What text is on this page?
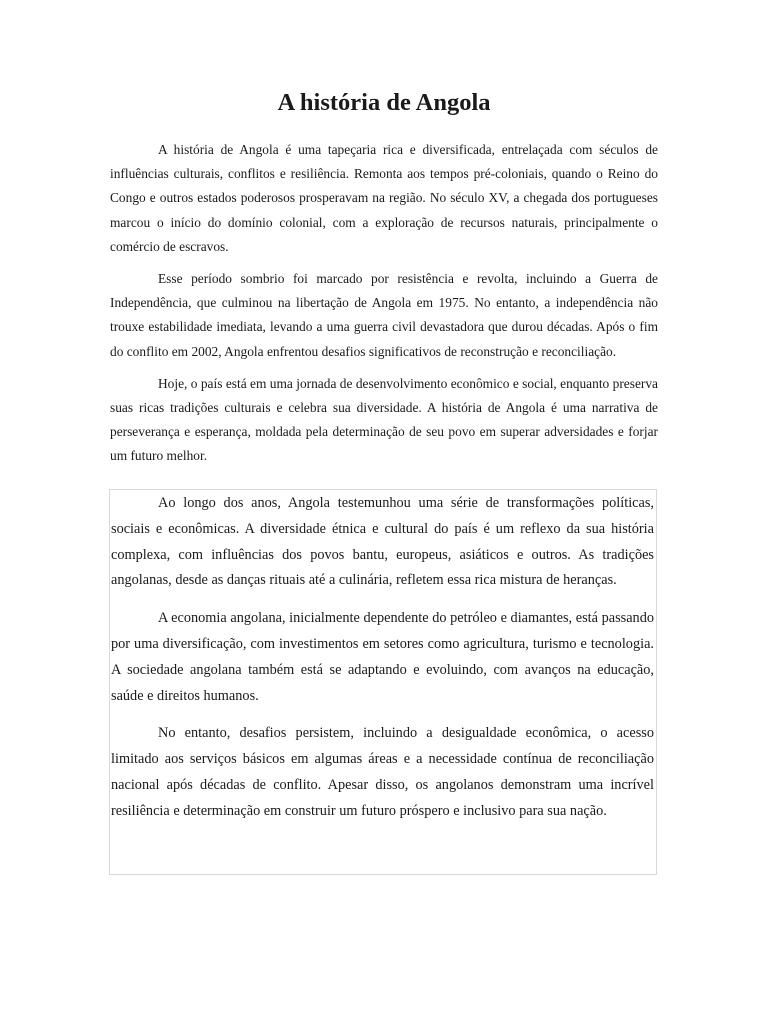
A história de Angola

A história de Angola é uma tapeçaria rica e diversificada, entrelaçada com séculos de influências culturais, conflitos e resiliência. Remonta aos tempos pré-coloniais, quando o Reino do Congo e outros estados poderosos prosperavam na região. No século XV, a chegada dos portugueses marcou o início do domínio colonial, com a exploração de recursos naturais, principalmente o comércio de escravos.

Esse período sombrio foi marcado por resistência e revolta, incluindo a Guerra de Independência, que culminou na libertação de Angola em 1975. No entanto, a independência não trouxe estabilidade imediata, levando a uma guerra civil devastadora que durou décadas. Após o fim do conflito em 2002, Angola enfrentou desafios significativos de reconstrução e reconciliação.

Hoje, o país está em uma jornada de desenvolvimento econômico e social, enquanto preserva suas ricas tradições culturais e celebra sua diversidade. A história de Angola é uma narrativa de perseverança e esperança, moldada pela determinação de seu povo em superar adversidades e forjar um futuro melhor.

Ao longo dos anos, Angola testemunhou uma série de transformações políticas, sociais e econômicas. A diversidade étnica e cultural do país é um reflexo da sua história complexa, com influências dos povos bantu, europeus, asiáticos e outros. As tradições angolanas, desde as danças rituais até a culinária, refletem essa rica mistura de heranças.

A economia angolana, inicialmente dependente do petróleo e diamantes, está passando por uma diversificação, com investimentos em setores como agricultura, turismo e tecnologia. A sociedade angolana também está se adaptando e evoluindo, com avanços na educação, saúde e direitos humanos.

No entanto, desafios persistem, incluindo a desigualdade econômica, o acesso limitado aos serviços básicos em algumas áreas e a necessidade contínua de reconciliação nacional após décadas de conflito. Apesar disso, os angolanos demonstram uma incrível resiliência e determinação em construir um futuro próspero e inclusivo para sua nação.
